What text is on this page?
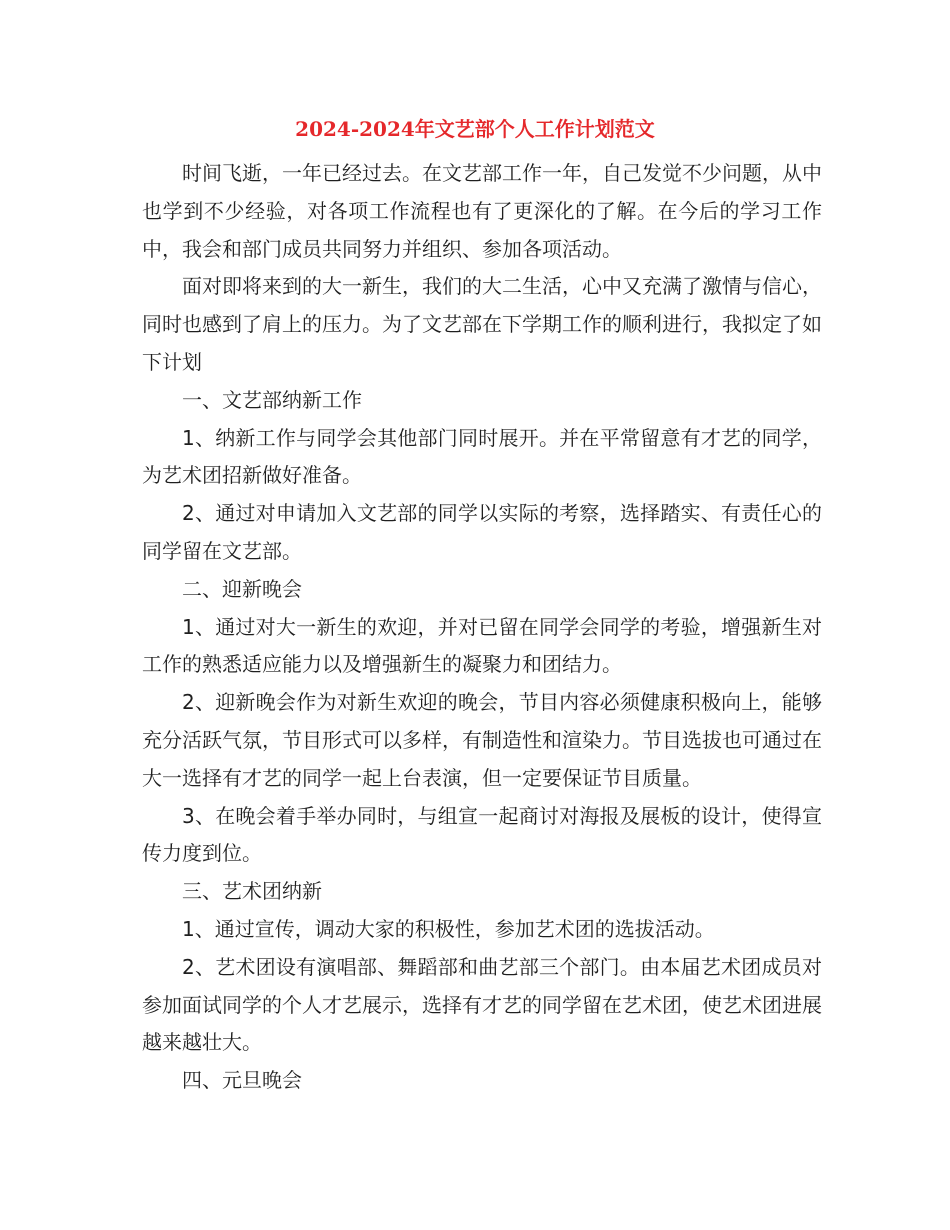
2024-2024年文艺部个人工作计划范文

时间飞逝，一年已经过去。在文艺部工作一年，自己发觉不少问题，从中也学到不少经验，对各项工作流程也有了更深化的了解。在今后的学习工作中，我会和部门成员共同努力并组织、参加各项活动。

面对即将来到的大一新生，我们的大二生活，心中又充满了激情与信心，同时也感到了肩上的压力。为了文艺部在下学期工作的顺利进行，我拟定了如下计划

一、文艺部纳新工作

1、纳新工作与同学会其他部门同时展开。并在平常留意有才艺的同学，为艺术团招新做好准备。

2、通过对申请加入文艺部的同学以实际的考察，选择踏实、有责任心的同学留在文艺部。

二、迎新晚会

1、通过对大一新生的欢迎，并对已留在同学会同学的考验，增强新生对工作的熟悉适应能力以及增强新生的凝聚力和团结力。

2、迎新晚会作为对新生欢迎的晚会，节目内容必须健康积极向上，能够充分活跃气氛，节目形式可以多样，有制造性和渲染力。节目选拔也可通过在大一选择有才艺的同学一起上台表演，但一定要保证节目质量。

3、在晚会着手举办同时，与组宣一起商讨对海报及展板的设计，使得宣传力度到位。

三、艺术团纳新

1、通过宣传，调动大家的积极性，参加艺术团的选拔活动。

2、艺术团设有演唱部、舞蹈部和曲艺部三个部门。由本届艺术团成员对参加面试同学的个人才艺展示，选择有才艺的同学留在艺术团，使艺术团进展越来越壮大。

四、元旦晚会
